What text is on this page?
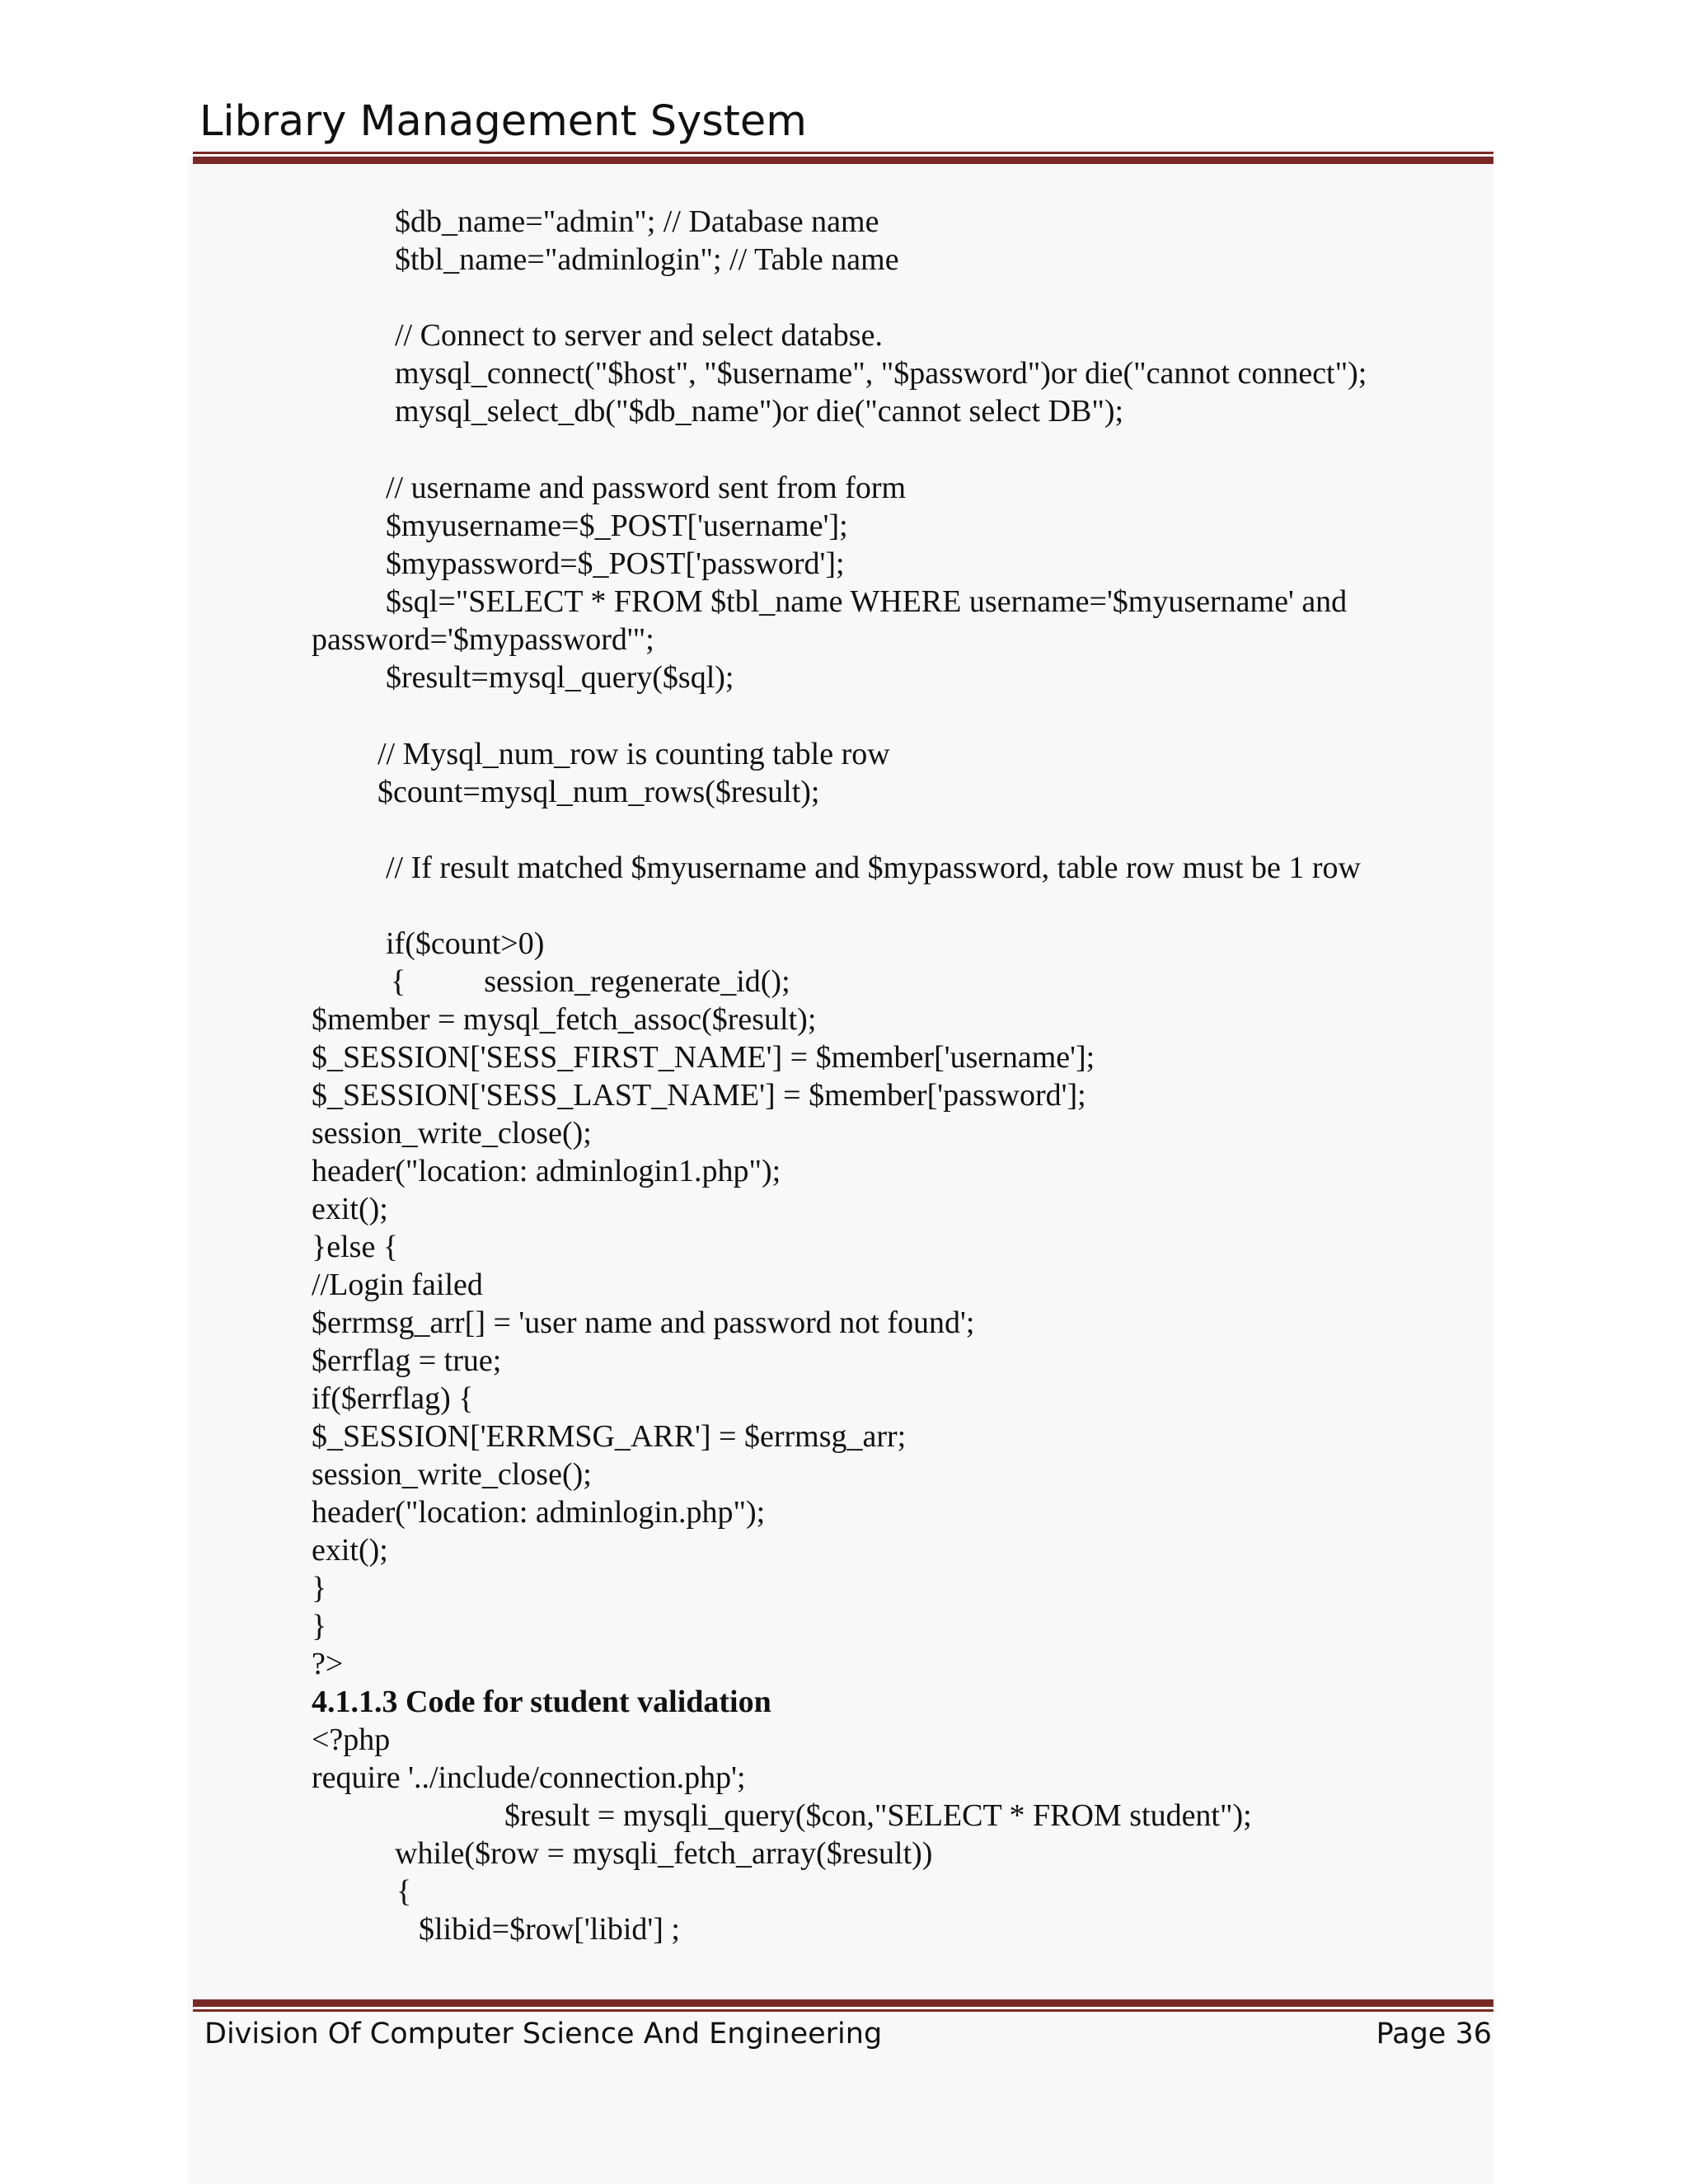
Library Management System
$db_name="admin"; // Database name
$tbl_name="adminlogin"; // Table name
// Connect to server and select databse.
mysql_connect("$host", "$username", "$password")or die("cannot connect");
mysql_select_db("$db_name")or die("cannot select DB");
// username and password sent from form
$myusername=$_POST['username'];
$mypassword=$_POST['password'];
$sql="SELECT * FROM $tbl_name WHERE username='$myusername' and
password='$mypassword'";
$result=mysql_query($sql);
// Mysql_num_row is counting table row
$count=mysql_num_rows($result);
// If result matched $myusername and $mypassword, table row must be 1 row
if($count>0)
{          session_regenerate_id();
$member = mysql_fetch_assoc($result);
$_SESSION['SESS_FIRST_NAME'] = $member['username'];
$_SESSION['SESS_LAST_NAME'] = $member['password'];
session_write_close();
header("location: adminlogin1.php");
exit();
}else {
//Login failed
$errmsg_arr[] = 'user name and password not found';
$errflag = true;
if($errflag) {
$_SESSION['ERRMSG_ARR'] = $errmsg_arr;
session_write_close();
header("location: adminlogin.php");
exit();
}
}
?>
4.1.1.3 Code for student validation
<?php
require '../include/connection.php';
$result = mysqli_query($con,"SELECT * FROM student");
while($row = mysqli_fetch_array($result))
{
$libid=$row['libid'] ;
Division Of Computer Science And Engineering	Page 36
